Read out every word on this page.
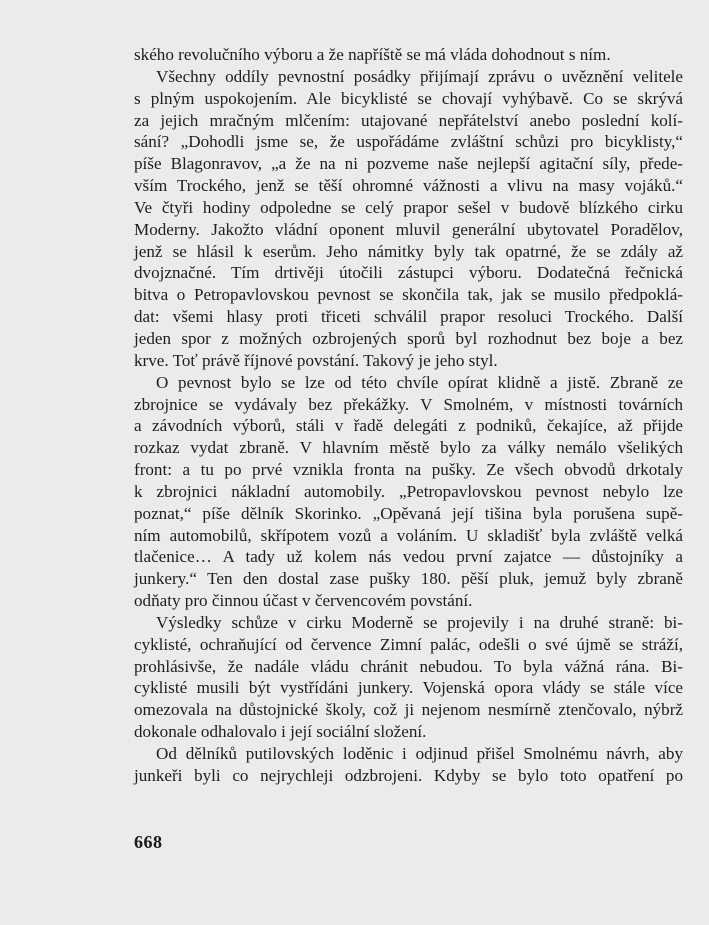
ského revolučního výboru a že napříště se má vláda dohodnout s ním.
Všechny oddíly pevnostní posádky přijímají zprávu o uvěznění velitele
s plným uspokojením. Ale bicyklisté se chovají vyhýbavě. Co se skrývá
za jejich mračným mlčením: utajované nepřátelství anebo poslední kolí-
sání? „Dohodli jsme se, že uspořádáme zvláštní schůzi pro bicyklisty,“
píše Blagonravov, „a že na ni pozveme naše nejlepší agitační síly, přede-
vším Trockého, jenž se těší ohromné vážnosti a vlivu na masy vojáků.“
Ve čtyři hodiny odpoledne se celý prapor sešel v budově blízkého cirku
Moderny. Jakožto vládní oponent mluvil generální ubytovatel Poradělov,
jenž se hlásil k eserům. Jeho námitky byly tak opatrné, že se zdály až
dvojznačné. Tím drtivěji útočili zástupci výboru. Dodatečná řečnická
bitva o Petropavlovskou pevnost se skončila tak, jak se musilo předpoklá-
dat: všemi hlasy proti třiceti schválil prapor resoluci Trockého. Další
jeden spor z možných ozbrojených sporů byl rozhodnut bez boje a bez
krve. Toť právě říjnové povstání. Takový je jeho styl.
O pevnost bylo se lze od této chvíle opírat klidně a jistě. Zbraně ze
zbrojnice se vydávaly bez překážky. V Smolném, v místnosti továrních
a závodních výborů, stáli v řadě delegáti z podniků, čekajíce, až přijde
rozkaz vydat zbraně. V hlavním městě bylo za války nemálo všelikých
front: a tu po prvé vznikla fronta na pušky. Ze všech obvodů drkotaly
k zbrojnici nákladní automobily. „Petropavlovskou pevnost nebylo lze
poznat,“ píše dělník Skorinko. „Opěvaná její tišina byla porušena supě-
ním automobilů, skřípotem vozů a voláním. U skladišť byla zvláště velká
tlačenice… A tady už kolem nás vedou první zajatce — důstojníky a
junkery.“ Ten den dostal zase pušky 180. pěší pluk, jemuž byly zbraně
odňaty pro činnou účast v červencovém povstání.
Výsledky schůze v cirku Moderně se projevily i na druhé straně: bi-
cyklisté, ochraňující od července Zimní palác, odešli o své újmě se stráží,
prohlásivše, že nadále vládu chránit nebudou. To byla vážná rána. Bi-
cyklisté musili být vystřídáni junkery. Vojenská opora vlády se stále více
omezovala na důstojnické školy, což ji nejenom nesmírně ztenčovalo, nýbrž
dokonale odhalovalo i její sociální složení.
Od dělníků putilovských loděnic i odjinud přišel Smolnému návrh, aby
junkeři byli co nejrychleji odzbrojeni. Kdyby se bylo toto opatření po
668
